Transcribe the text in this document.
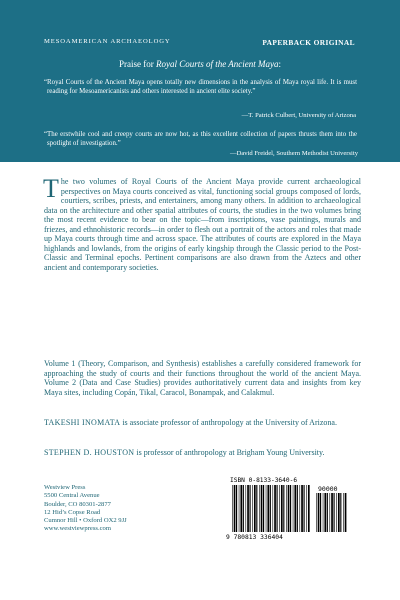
MESOAMERICAN ARCHAEOLOGY	PAPERBACK ORIGINAL
Praise for Royal Courts of the Ancient Maya:
“Royal Courts of the Ancient Maya opens totally new dimensions in the analysis of Maya royal life. It is must reading for Mesoamericanists and others interested in ancient elite society.”
—T. Patrick Culbert, University of Arizona
“The erstwhile cool and creepy courts are now hot, as this excellent collection of papers thrusts them into the spotlight of investigation.”
—David Freidel, Southern Methodist University
The two volumes of Royal Courts of the Ancient Maya provide current archaeological perspectives on Maya courts conceived as vital, functioning social groups composed of lords, courtiers, scribes, priests, and entertainers, among many others. In addition to archaeological data on the architecture and other spatial attributes of courts, the studies in the two volumes bring the most recent evidence to bear on the topic—from inscriptions, vase paintings, murals and friezes, and ethnohistoric records—in order to flesh out a portrait of the actors and roles that made up Maya courts through time and across space. The attributes of courts are explored in the Maya highlands and lowlands, from the origins of early kingship through the Classic period to the Post-Classic and Terminal epochs. Pertinent comparisons are also drawn from the Aztecs and other ancient and contemporary societies.
Volume 1 (Theory, Comparison, and Synthesis) establishes a carefully considered framework for approaching the study of courts and their functions throughout the world of the ancient Maya. Volume 2 (Data and Case Studies) provides authoritatively current data and insights from key Maya sites, including Copán, Tikal, Caracol, Bonampak, and Calakmul.
TAKESHI INOMATA is associate professor of anthropology at the University of Arizona.
STEPHEN D. HOUSTON is professor of anthropology at Brigham Young University.
Westview Press
5500 Central Avenue
Boulder, CO 80301-2877
12 Hid’s Copse Road
Cumnor Hill • Oxford OX2 9JJ
www.westviewpress.com
ISBN 0-8133-3640-6
90000
9 780813 336404
